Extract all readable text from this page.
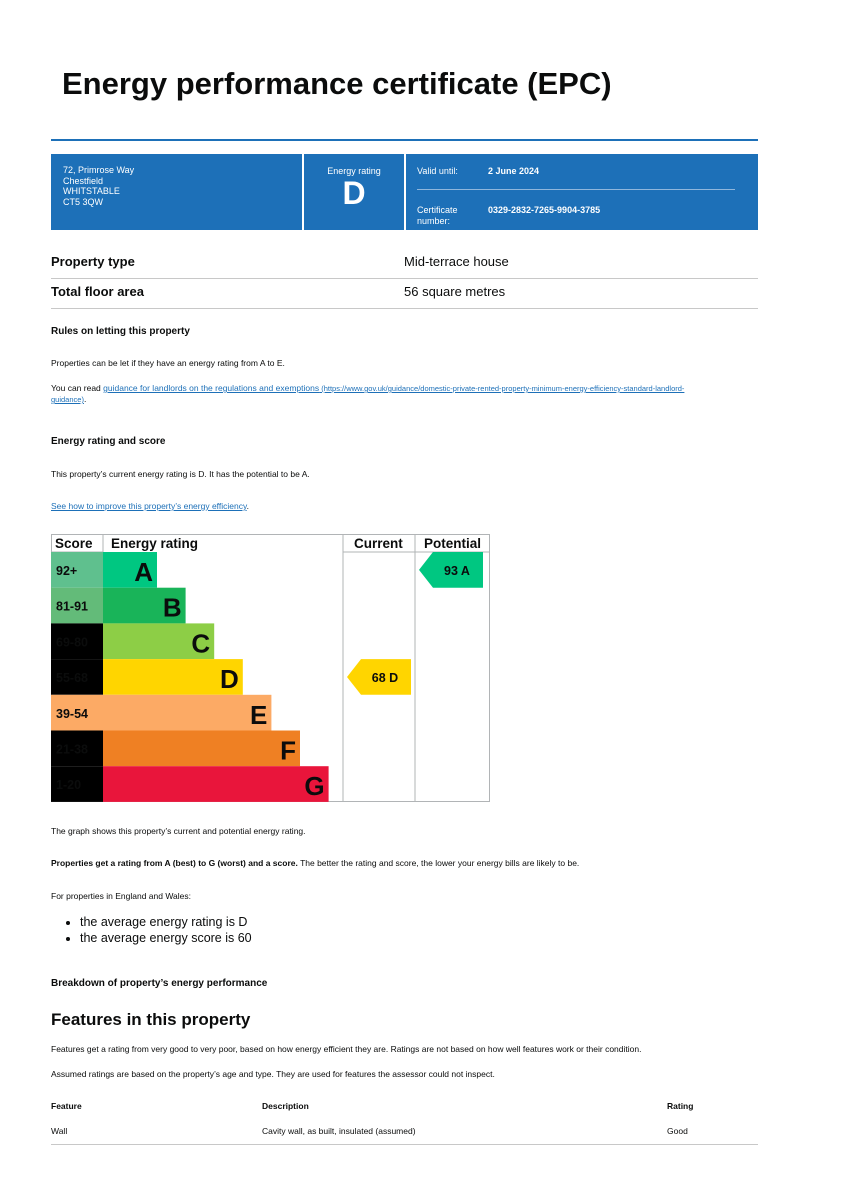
Energy performance certificate (EPC)
72, Primrose Way
Chestfield
WHITSTABLE
CT5 3QW
Energy rating
D
Valid until:	2 June 2024
Certificate
number:
0329-2832-7265-9904-3785
Property type	Mid-terrace house
Total floor area	56 square metres
Rules on letting this property
Properties can be let if they have an energy rating from A to E.
You can read guidance for landlords on the regulations and exemptions (https://www.gov.uk/guidance/domestic-private-rented-property-minimum-energy-efficiency-standard-landlord-
guidance).
Energy rating and score
This property’s current energy rating is D. It has the potential to be A.
See how to improve this property’s energy efficiency.
Score Energy rating	Current Potential
92+ A
81-91	B
69-80	C
55-68	D
39-54	E
21-38	F
1-20	G
68 D
93 A
The graph shows this property’s current and potential energy rating.
Properties get a rating from A (best) to G (worst) and a score. The better the rating and score, the lower your energy bills are likely to be.
For properties in England and Wales:
the average energy rating is D
the average energy score is 60
Breakdown of property’s energy performance
Features in this property
Features get a rating from very good to very poor, based on how energy efficient they are. Ratings are not based on how well features work or their condition.
Assumed ratings are based on the property’s age and type. They are used for features the assessor could not inspect.
Feature	Description	Rating
Wall	Cavity wall, as built, insulated (assumed)	Good
